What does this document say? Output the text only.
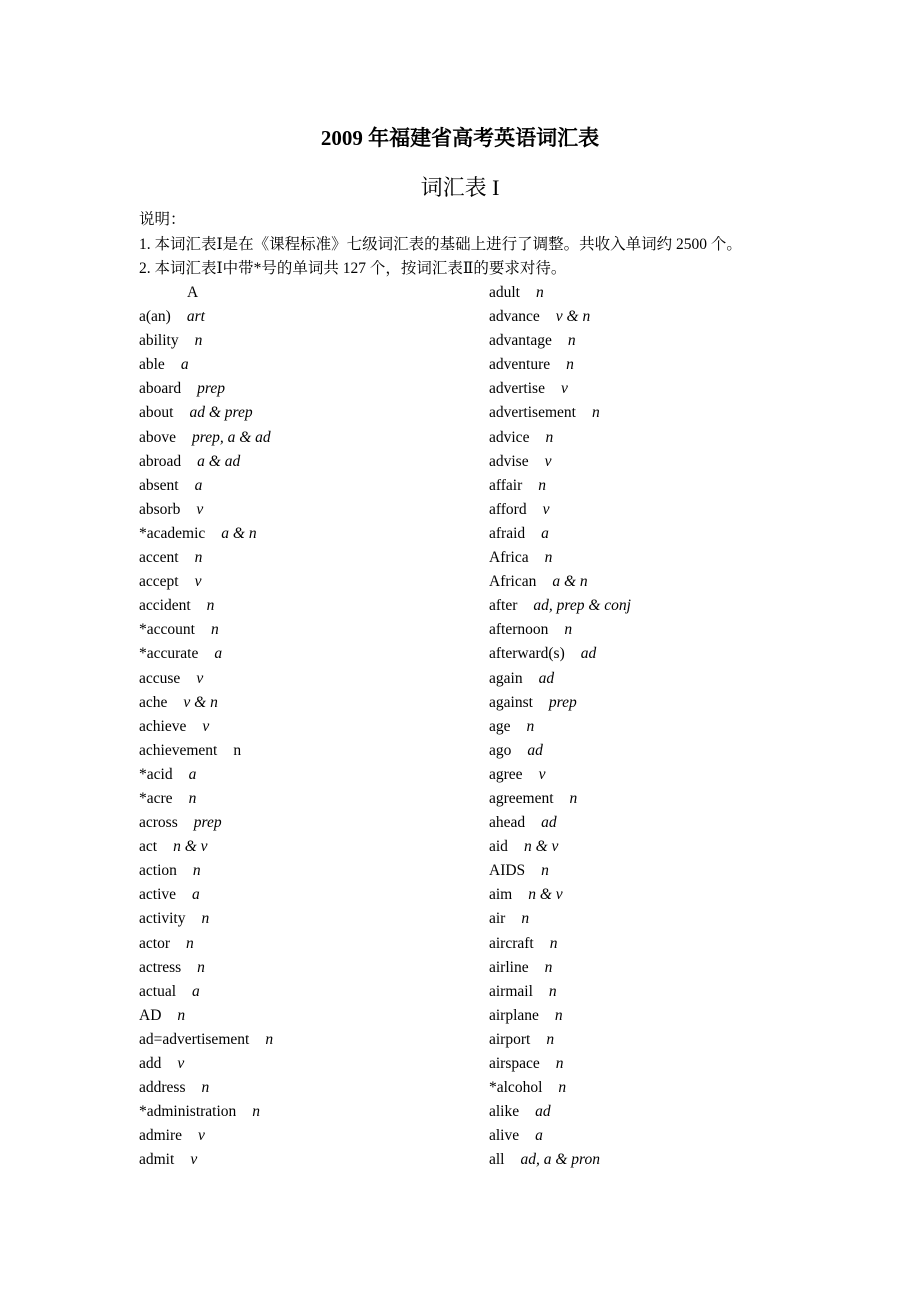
2009 年福建省高考英语词汇表
词汇表 I
说明：
1. 本词汇表Ⅰ是在《课程标准》七级词汇表的基础上进行了调整。共收入单词约 2500 个。
2. 本词汇表Ⅰ中带*号的单词共 127 个，按词汇表Ⅱ的要求对待。
A
a(an) art
ability n
able a
aboard prep
about ad & prep
above prep, a & ad
abroad a & ad
absent a
absorb v
*academic a & n
accent n
accept v
accident n
*account n
*accurate a
accuse v
ache v & n
achieve v
achievement n
*acid a
*acre n
across prep
act n & v
action n
active a
activity n
actor n
actress n
actual a
AD n
ad=advertisement n
add v
address n
*administration n
admire v
admit v
adult n
advance v & n
advantage n
adventure n
advertise v
advertisement n
advice n
advise v
affair n
afford v
afraid a
Africa n
African a & n
after ad, prep & conj
afternoon n
afterward(s) ad
again ad
against prep
age n
ago ad
agree v
agreement n
ahead ad
aid n & v
AIDS n
aim n & v
air n
aircraft n
airline n
airmail n
airplane n
airport n
airspace n
*alcohol n
alike ad
alive a
all ad, a & pron
